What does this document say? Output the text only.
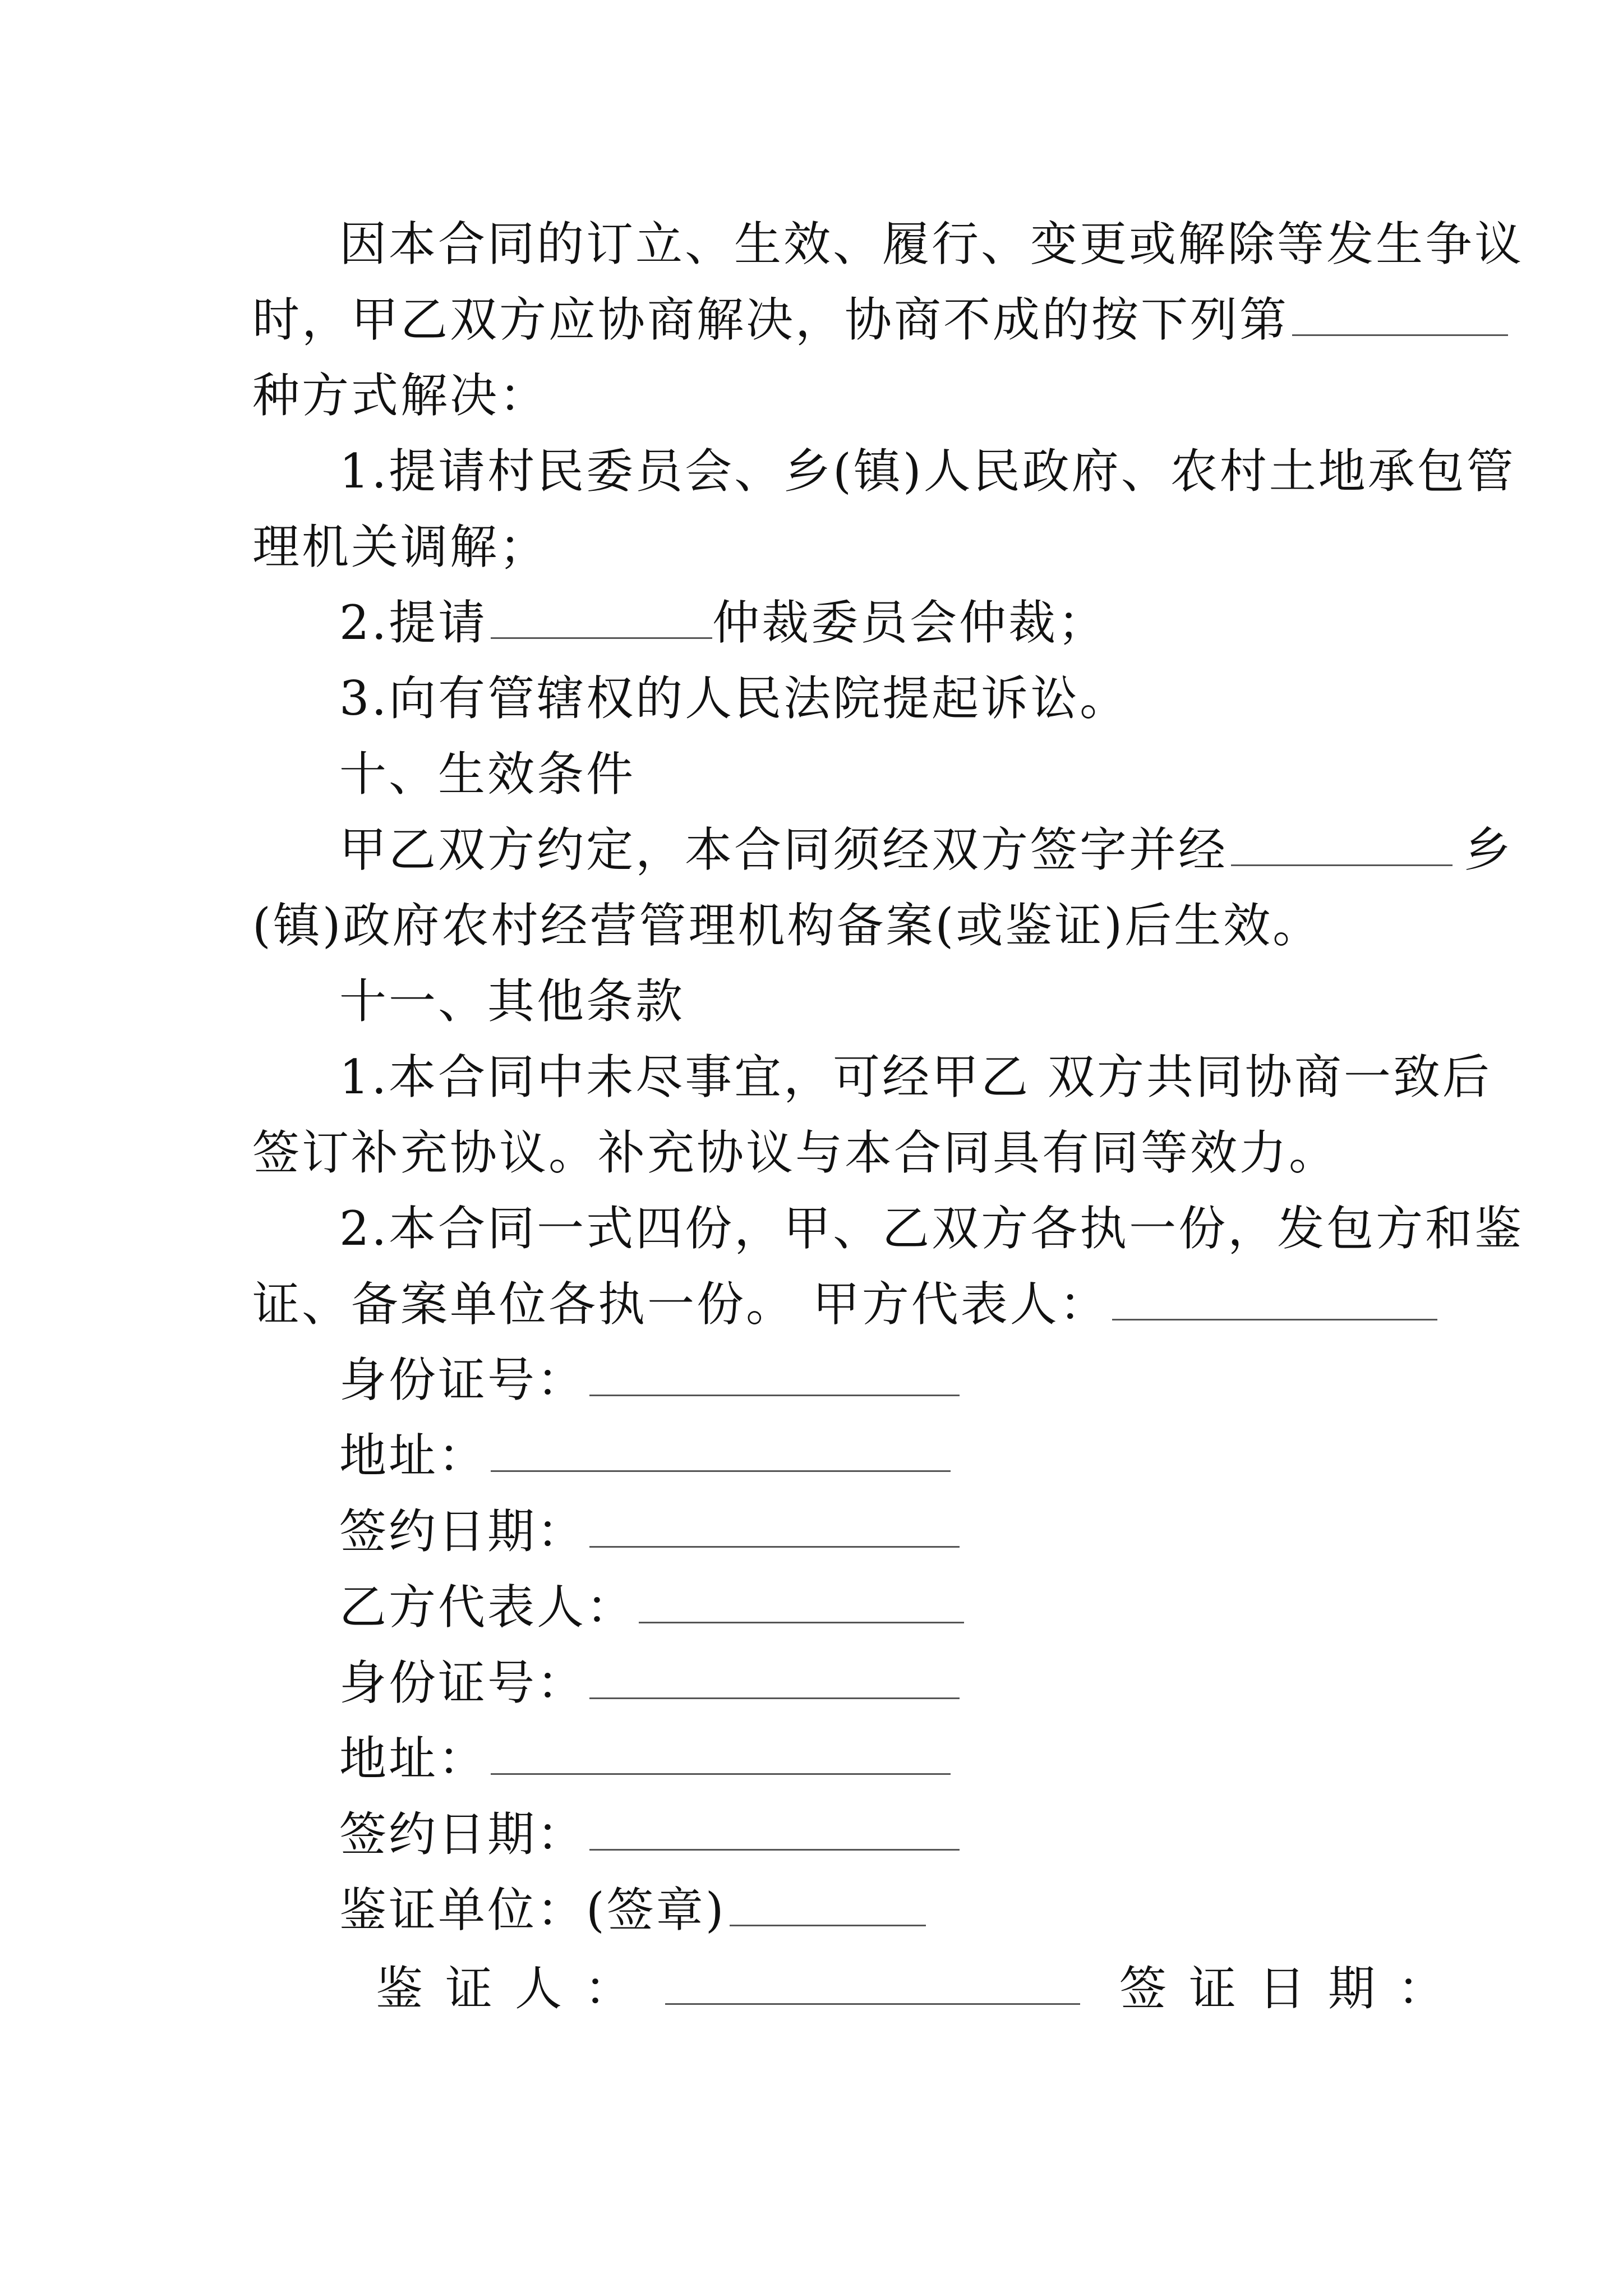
因本合同的订立、生效、履行、变更或解除等发生争议

时，甲乙双方应协商解决，协商不成的按下列第

种方式解决：

1.提请村民委员会、乡(镇)人民政府、农村土地承包管

理机关调解；

2.提请	仲裁委员会仲裁；

3.向有管辖权的人民法院提起诉讼。

十、生效条件

甲乙双方约定，本合同须经双方签字并经	乡

(镇)政府农村经营管理机构备案(或鉴证)后生效。

十一、其他条款

1.本合同中未尽事宜，可经甲乙 双方共同协商一致后

签订补充协议。补充协议与本合同具有同等效力。

2.本合同一式四份，甲、乙双方各执一份，发包方和鉴

证、备案单位各执一份。 甲方代表人：

身份证号：

地址：

签约日期：

乙方代表人：

身份证号：

地址：

签约日期：

鉴证单位：(签章)

鉴证人：	签证日期：
